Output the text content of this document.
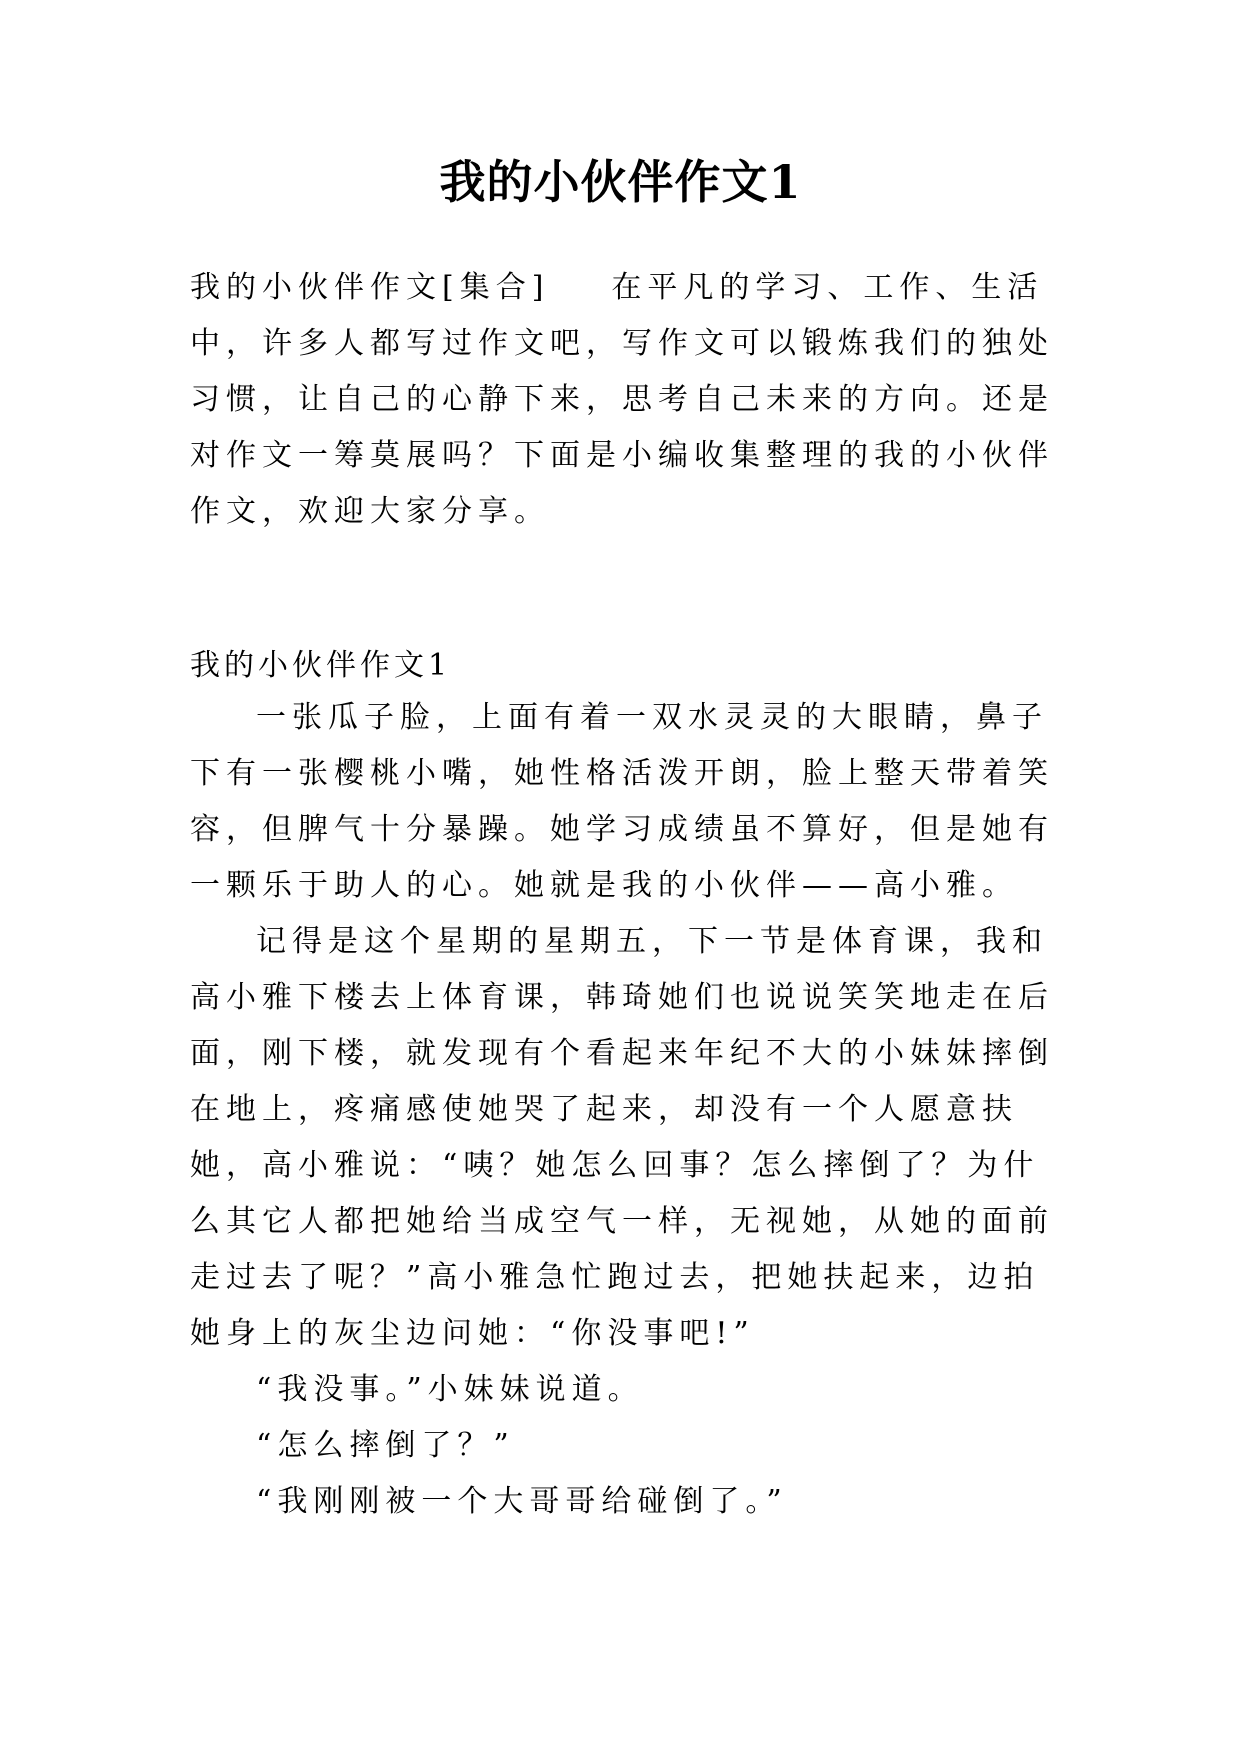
我的小伙伴作文1
我的小伙伴作文[集合] 在平凡的学习、工作、生活中，许多人都写过作文吧，写作文可以锻炼我们的独处习惯，让自己的心静下来，思考自己未来的方向。还是对作文一筹莫展吗？下面是小编收集整理的我的小伙伴作文，欢迎大家分享。
我的小伙伴作文1

一张瓜子脸，上面有着一双水灵灵的大眼睛，鼻子下有一张樱桃小嘴，她性格活泼开朗，脸上整天带着笑容，但脾气十分暴躁。她学习成绩虽不算好，但是她有一颗乐于助人的心。她就是我的小伙伴——高小雅。

记得是这个星期的星期五，下一节是体育课，我和高小雅下楼去上体育课，韩琦她们也说说笑笑地走在后面，刚下楼，就发现有个看起来年纪不大的小妹妹摔倒在地上，疼痛感使她哭了起来，却没有一个人愿意扶她，高小雅说：“咦？她怎么回事？怎么摔倒了？为什么其它人都把她给当成空气一样，无视她，从她的面前走过去了呢？”高小雅急忙跑过去，把她扶起来，边拍她身上的灰尘边问她：“你没事吧!”

“我没事。”小妹妹说道。

“怎么摔倒了？”

“我刚刚被一个大哥哥给碰倒了。”
